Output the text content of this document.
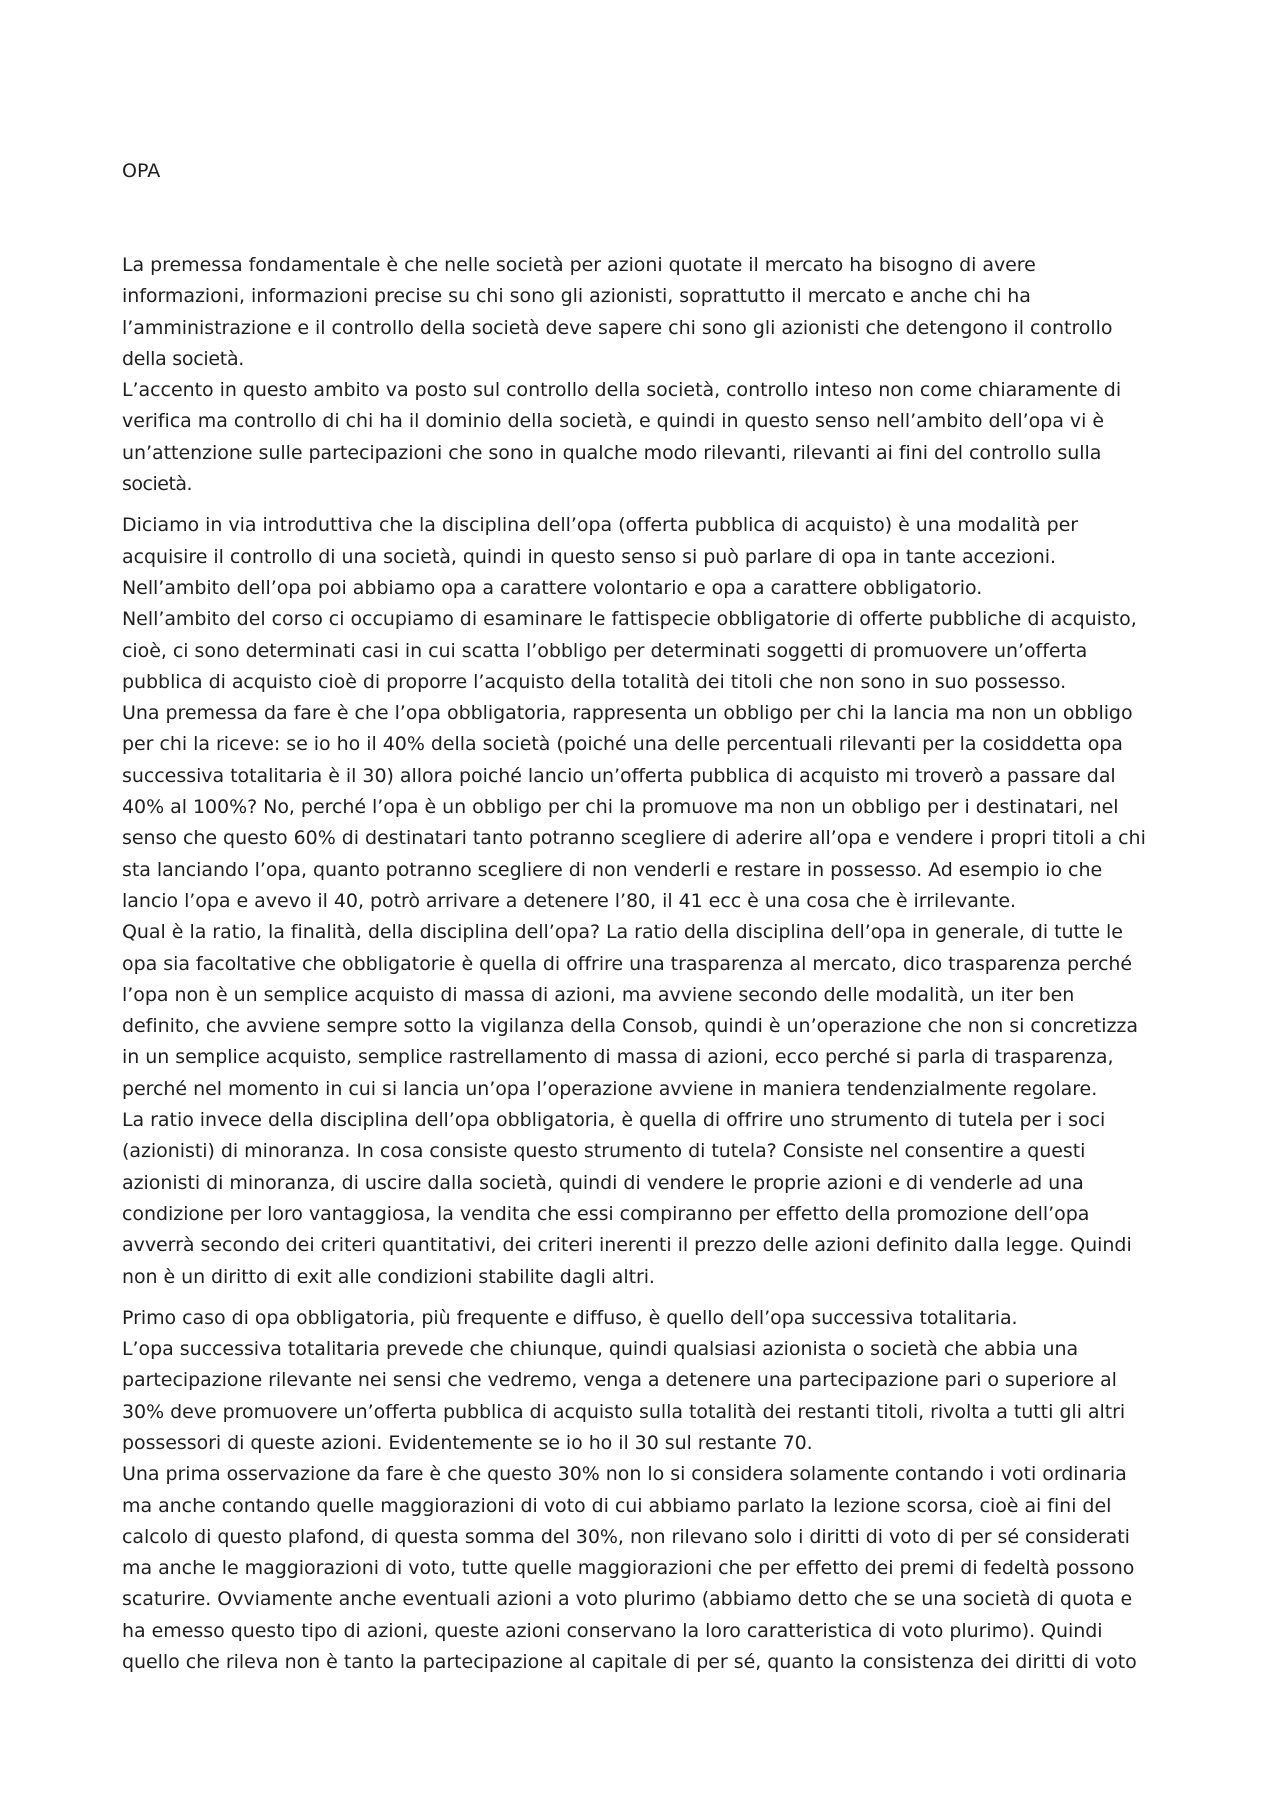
OPA

La premessa fondamentale è che nelle società per azioni quotate il mercato ha bisogno di avere
informazioni, informazioni precise su chi sono gli azionisti, soprattutto il mercato e anche chi ha
l’amministrazione e il controllo della società deve sapere chi sono gli azionisti che detengono il controllo
della società.
L’accento in questo ambito va posto sul controllo della società, controllo inteso non come chiaramente di
verifica ma controllo di chi ha il dominio della società, e quindi in questo senso nell’ambito dell’opa vi è
un’attenzione sulle partecipazioni che sono in qualche modo rilevanti, rilevanti ai fini del controllo sulla
società.

Diciamo in via introduttiva che la disciplina dell’opa (offerta pubblica di acquisto) è una modalità per
acquisire il controllo di una società, quindi in questo senso si può parlare di opa in tante accezioni.
Nell’ambito dell’opa poi abbiamo opa a carattere volontario e opa a carattere obbligatorio.
Nell’ambito del corso ci occupiamo di esaminare le fattispecie obbligatorie di offerte pubbliche di acquisto,
cioè, ci sono determinati casi in cui scatta l’obbligo per determinati soggetti di promuovere un’offerta
pubblica di acquisto cioè di proporre l’acquisto della totalità dei titoli che non sono in suo possesso.
Una premessa da fare è che l’opa obbligatoria, rappresenta un obbligo per chi la lancia ma non un obbligo
per chi la riceve: se io ho il 40% della società (poiché una delle percentuali rilevanti per la cosiddetta opa
successiva totalitaria è il 30) allora poiché lancio un’offerta pubblica di acquisto mi troverò a passare dal
40% al 100%? No, perché l’opa è un obbligo per chi la promuove ma non un obbligo per i destinatari, nel
senso che questo 60% di destinatari tanto potranno scegliere di aderire all’opa e vendere i propri titoli a chi
sta lanciando l’opa, quanto potranno scegliere di non venderli e restare in possesso. Ad esempio io che
lancio l’opa e avevo il 40, potrò arrivare a detenere l’80, il 41 ecc è una cosa che è irrilevante.
Qual è la ratio, la finalità, della disciplina dell’opa? La ratio della disciplina dell’opa in generale, di tutte le
opa sia facoltative che obbligatorie è quella di offrire una trasparenza al mercato, dico trasparenza perché
l’opa non è un semplice acquisto di massa di azioni, ma avviene secondo delle modalità, un iter ben
definito, che avviene sempre sotto la vigilanza della Consob, quindi è un’operazione che non si concretizza
in un semplice acquisto, semplice rastrellamento di massa di azioni, ecco perché si parla di trasparenza,
perché nel momento in cui si lancia un’opa l’operazione avviene in maniera tendenzialmente regolare.
La ratio invece della disciplina dell’opa obbligatoria, è quella di offrire uno strumento di tutela per i soci
(azionisti) di minoranza. In cosa consiste questo strumento di tutela? Consiste nel consentire a questi
azionisti di minoranza, di uscire dalla società, quindi di vendere le proprie azioni e di venderle ad una
condizione per loro vantaggiosa, la vendita che essi compiranno per effetto della promozione dell’opa
avverrà secondo dei criteri quantitativi, dei criteri inerenti il prezzo delle azioni definito dalla legge. Quindi
non è un diritto di exit alle condizioni stabilite dagli altri.

Primo caso di opa obbligatoria, più frequente e diffuso, è quello dell’opa successiva totalitaria.
L’opa successiva totalitaria prevede che chiunque, quindi qualsiasi azionista o società che abbia una
partecipazione rilevante nei sensi che vedremo, venga a detenere una partecipazione pari o superiore al
30% deve promuovere un’offerta pubblica di acquisto sulla totalità dei restanti titoli, rivolta a tutti gli altri
possessori di queste azioni. Evidentemente se io ho il 30 sul restante 70.
Una prima osservazione da fare è che questo 30% non lo si considera solamente contando i voti ordinaria
ma anche contando quelle maggiorazioni di voto di cui abbiamo parlato la lezione scorsa, cioè ai fini del
calcolo di questo plafond, di questa somma del 30%, non rilevano solo i diritti di voto di per sé considerati
ma anche le maggiorazioni di voto, tutte quelle maggiorazioni che per effetto dei premi di fedeltà possono
scaturire. Ovviamente anche eventuali azioni a voto plurimo (abbiamo detto che se una società di quota e
ha emesso questo tipo di azioni, queste azioni conservano la loro caratteristica di voto plurimo). Quindi
quello che rileva non è tanto la partecipazione al capitale di per sé, quanto la consistenza dei diritti di voto
